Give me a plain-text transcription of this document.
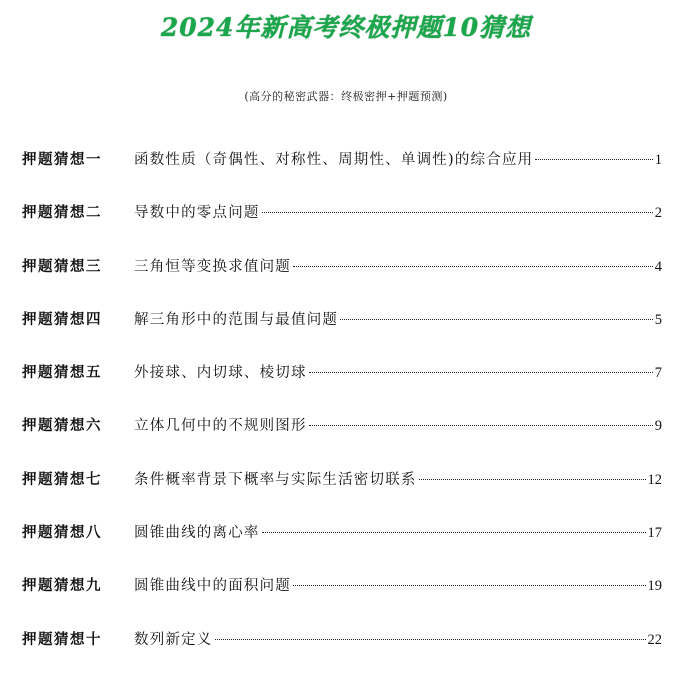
2024年新高考终极押题10猜想
(高分的秘密武器：终极密押+押题预测)
押题猜想一	函数性质（奇偶性、对称性、周期性、单调性)的综合应用	1
押题猜想二	导数中的零点问题	2
押题猜想三	三角恒等变换求值问题	4
押题猜想四	解三角形中的范围与最值问题	5
押题猜想五	外接球、内切球、棱切球	7
押题猜想六	立体几何中的不规则图形	9
押题猜想七	条件概率背景下概率与实际生活密切联系	12
押题猜想八	圆锥曲线的离心率	17
押题猜想九	圆锥曲线中的面积问题	19
押题猜想十	数列新定义	22
